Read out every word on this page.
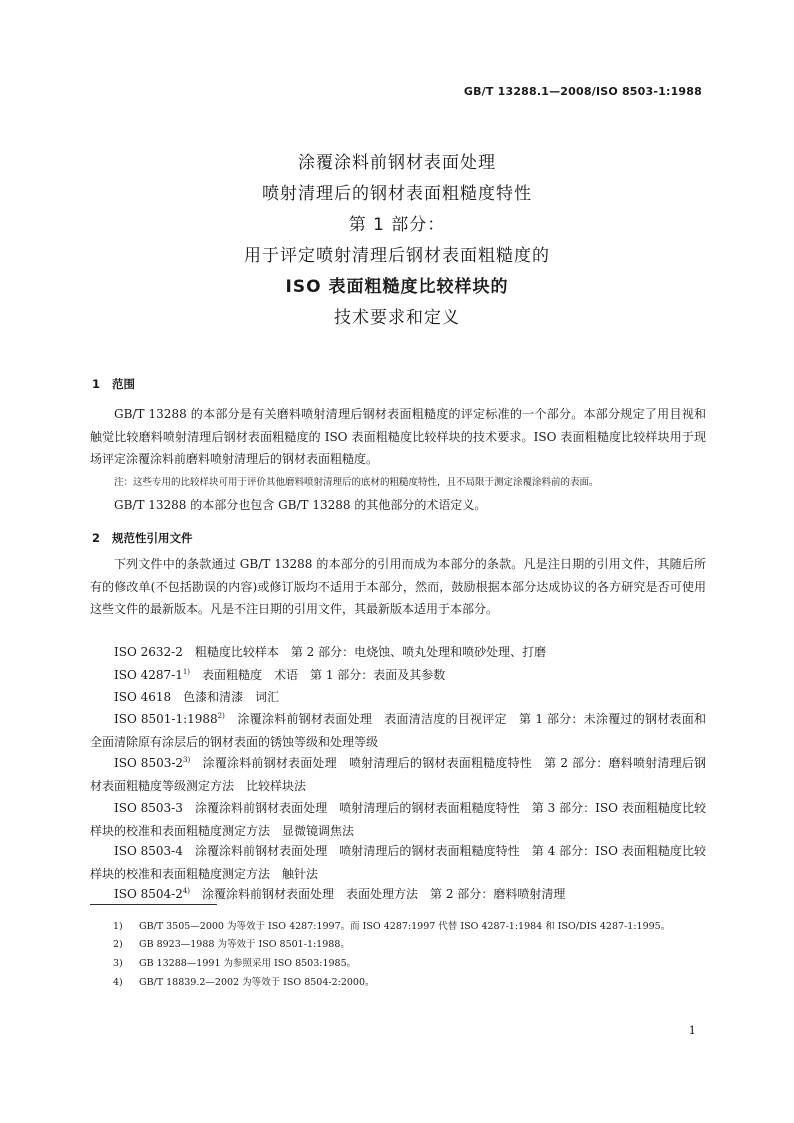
GB/T 13288.1—2008/ISO 8503-1:1988
涂覆涂料前钢材表面处理
喷射清理后的钢材表面粗糙度特性
第 1 部分：
用于评定喷射清理后钢材表面粗糙度的
ISO 表面粗糙度比较样块的
技术要求和定义
1 范围
GB/T 13288 的本部分是有关磨料喷射清理后钢材表面粗糙度的评定标准的一个部分。本部分规定了用目视和触觉比较磨料喷射清理后钢材表面粗糙度的 ISO 表面粗糙度比较样块的技术要求。ISO 表面粗糙度比较样块用于现场评定涂覆涂料前磨料喷射清理后的钢材表面粗糙度。
注：这些专用的比较样块可用于评价其他磨料喷射清理后的底材的粗糙度特性，且不局限于测定涂覆涂料前的表面。
GB/T 13288 的本部分也包含 GB/T 13288 的其他部分的术语定义。
2 规范性引用文件
下列文件中的条款通过 GB/T 13288 的本部分的引用而成为本部分的条款。凡是注日期的引用文件，其随后所有的修改单(不包括勘误的内容)或修订版均不适用于本部分，然而，鼓励根据本部分达成协议的各方研究是否可使用这些文件的最新版本。凡是不注日期的引用文件，其最新版本适用于本部分。
ISO 2632-2　 粗糙度比较样本　第 2 部分：电烧蚀、喷丸处理和喷砂处理、打磨
ISO 4287-1$^{1)}$　 表面粗糙度　术语　第 1 部分：表面及其参数
ISO 4618　 色漆和清漆　词汇
ISO 8501-1:1988$^{2)}$　 涂覆涂料前钢材表面处理　表面清洁度的目视评定　第 1 部分：未涂覆过的钢材表面和全面清除原有涂层后的钢材表面的锈蚀等级和处理等级
ISO 8503-2$^{3)}$　 涂覆涂料前钢材表面处理　喷射清理后的钢材表面粗糙度特性　第 2 部分：磨料喷射清理后钢材表面粗糙度等级测定方法　比较样块法
ISO 8503-3　 涂覆涂料前钢材表面处理　喷射清理后的钢材表面粗糙度特性　第 3 部分：ISO 表面粗糙度比较样块的校准和表面粗糙度测定方法　显微镜调焦法
ISO 8503-4　 涂覆涂料前钢材表面处理　喷射清理后的钢材表面粗糙度特性　第 4 部分：ISO 表面粗糙度比较样块的校准和表面粗糙度测定方法　触针法
ISO 8504-2$^{4)}$　 涂覆涂料前钢材表面处理　表面处理方法　第 2 部分：磨料喷射清理
1) GB/T 3505—2000 为等效于 ISO 4287:1997。而 ISO 4287:1997 代替 ISO 4287-1:1984 和 ISO/DIS 4287-1:1995。
2) GB 8923—1988 为等效于 ISO 8501-1:1988。
3) GB 13288—1991 为参照采用 ISO 8503:1985。
4) GB/T 18839.2—2002 为等效于 ISO 8504-2:2000。
1
